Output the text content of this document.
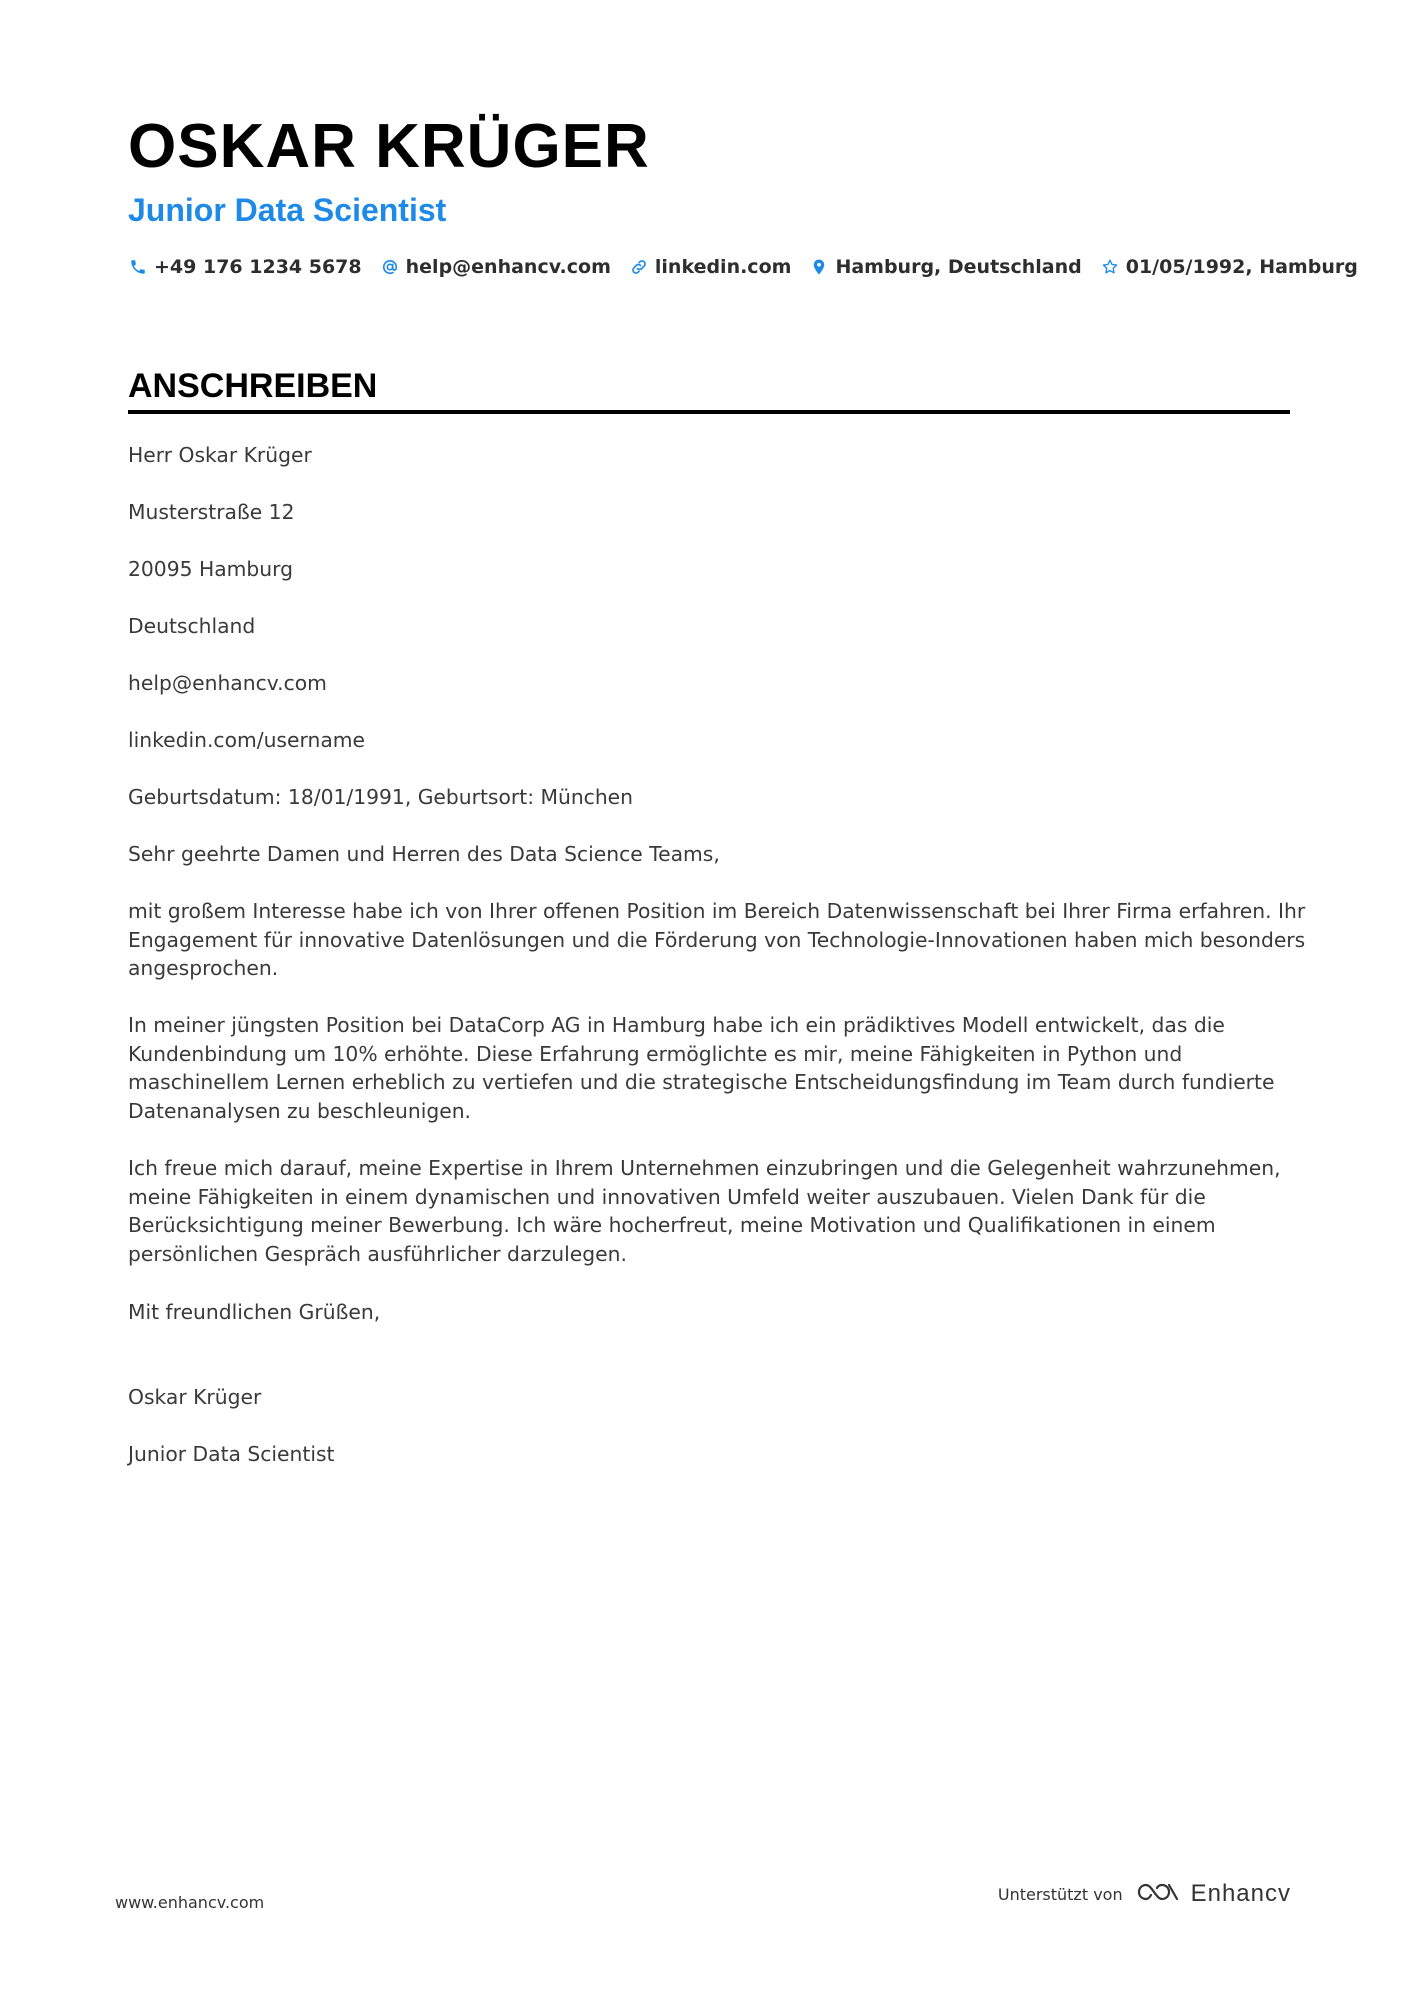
OSKAR KRÜGER
Junior Data Scientist
+49 176 1234 5678 help@enhancv.com linkedin.com Hamburg, Deutschland 01/05/1992, Hamburg
ANSCHREIBEN
Herr Oskar Krüger
Musterstraße 12
20095 Hamburg
Deutschland
help@enhancv.com
linkedin.com/username
Geburtsdatum: 18/01/1991, Geburtsort: München
Sehr geehrte Damen und Herren des Data Science Teams,
mit großem Interesse habe ich von Ihrer offenen Position im Bereich Datenwissenschaft bei Ihrer Firma erfahren. Ihr
Engagement für innovative Datenlösungen und die Förderung von Technologie-Innovationen haben mich besonders
angesprochen.
In meiner jüngsten Position bei DataCorp AG in Hamburg habe ich ein prädiktives Modell entwickelt, das die
Kundenbindung um 10% erhöhte. Diese Erfahrung ermöglichte es mir, meine Fähigkeiten in Python und
maschinellem Lernen erheblich zu vertiefen und die strategische Entscheidungsfindung im Team durch fundierte
Datenanalysen zu beschleunigen.
Ich freue mich darauf, meine Expertise in Ihrem Unternehmen einzubringen und die Gelegenheit wahrzunehmen,
meine Fähigkeiten in einem dynamischen und innovativen Umfeld weiter auszubauen. Vielen Dank für die
Berücksichtigung meiner Bewerbung. Ich wäre hocherfreut, meine Motivation und Qualifikationen in einem
persönlichen Gespräch ausführlicher darzulegen.
Mit freundlichen Grüßen,
Oskar Krüger
Junior Data Scientist
www.enhancv.com	Unterstützt von	Enhancv
